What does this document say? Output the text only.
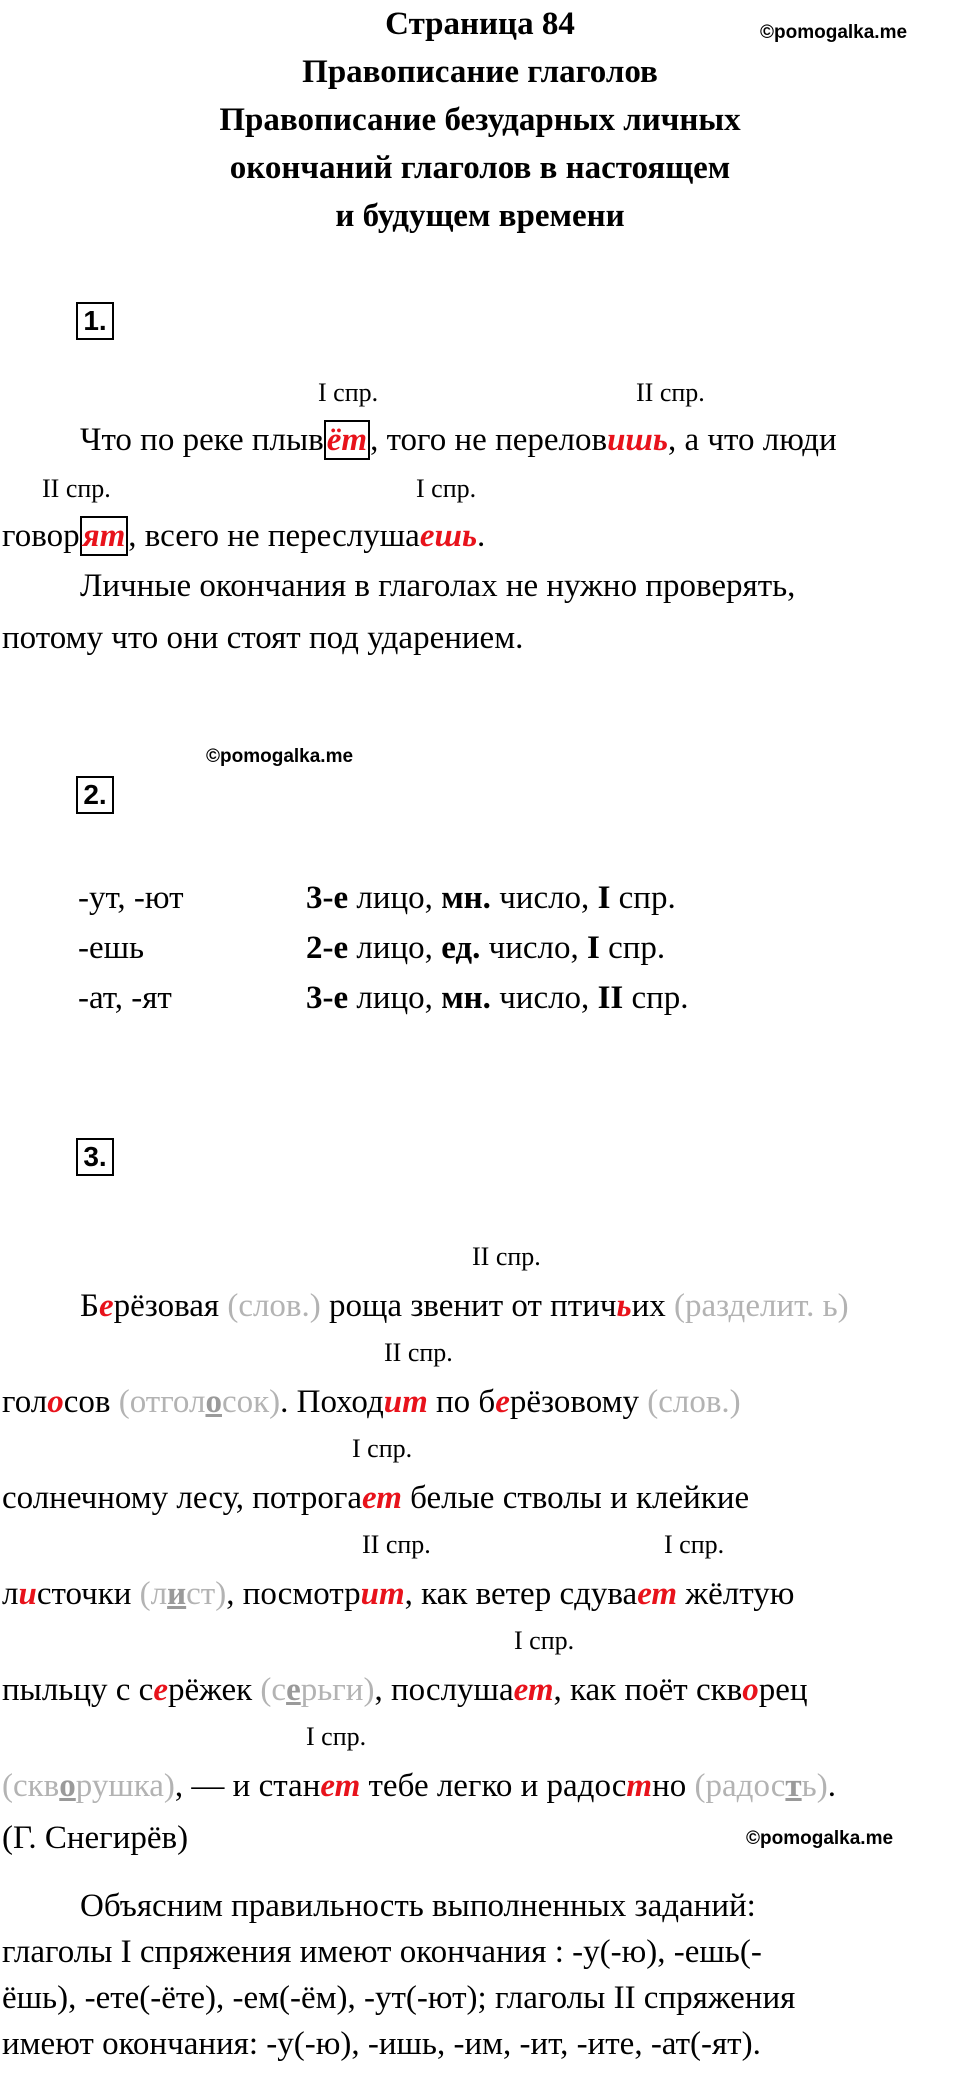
Страница 84
Правописание глаголов
Правописание безударных личных
окончаний глаголов в настоящем
и будущем времени
©pomogalka.me
1.
I спр.	II спр.
Что по реке плывёт, того не переловишь, а что люди
II спр.	I спр.
говорят, всего не переслушаешь.
Личные окончания в глаголах не нужно проверять,
потому что они стоят под ударением.
©pomogalka.me
2.
-ут, -ют	3-е лицо, мн. число, I спр.
-ешь	2-е лицо, ед. число, I спр.
-ат, -ят	3-е лицо, мн. число, II спр.
3.
II спр.
Берёзовая (слов.) роща звенит от птичьих (разделит. ь)
II спр.
голосов (отголосок). Походит по берёзовому (слов.)
I спр.
солнечному лесу, потрогает белые стволы и клейкие
II спр.	I спр.
листочки (лист), посмотрит, как ветер сдувает жёлтую
I спр.
пыльцу с серёжек (серьги), послушает, как поёт скворец
I спр.
(скворушка), — и станет тебе легко и радостно (радость).
(Г. Снегирёв)	©pomogalka.me
Объясним правильность выполненных заданий:
глаголы I спряжения имеют окончания : -у(-ю), -ешь(-
ёшь), -ете(-ёте), -ем(-ём), -ут(-ют); глаголы II спряжения
имеют окончания: -у(-ю), -ишь, -им, -ит, -ите, -ат(-ят).
